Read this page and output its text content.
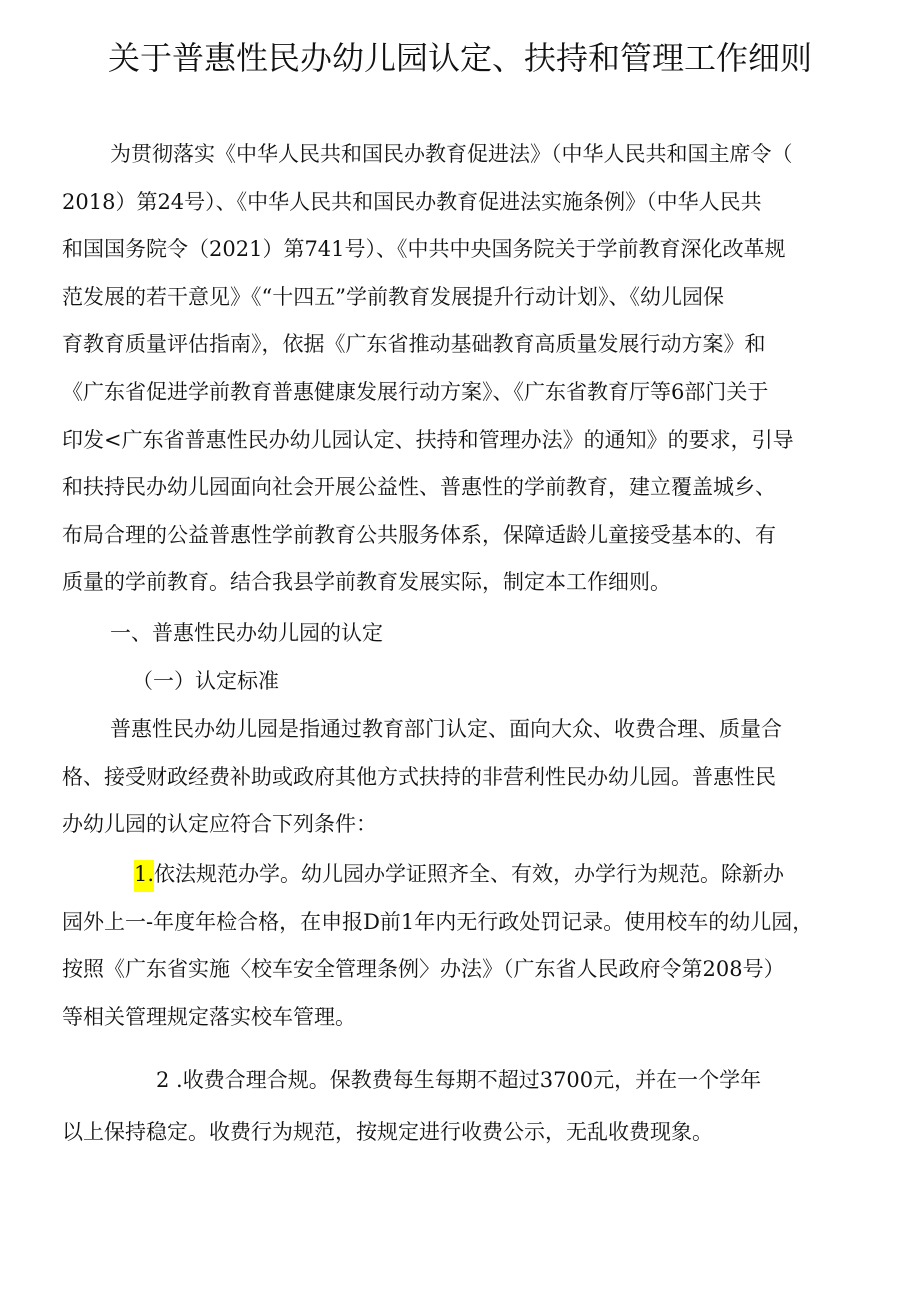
关于普惠性民办幼儿园认定、扶持和管理工作细则
为贯彻落实《中华人民共和国民办教育促进法》（中华人民共和国主席令（
2018）第24号）、《中华人民共和国民办教育促进法实施条例》（中华人民共
和国国务院令（2021）第741号）、《中共中央国务院关于学前教育深化改革规
范发展的若干意见》《“十四五”学前教育发展提升行动计划》、《幼儿园保
育教育质量评估指南》，依据《广东省推动基础教育高质量发展行动方案》和
《广东省促进学前教育普惠健康发展行动方案》、《广东省教育厅等6部门关于
印发<广东省普惠性民办幼儿园认定、扶持和管理办法》的通知》的要求，引导
和扶持民办幼儿园面向社会开展公益性、普惠性的学前教育，建立覆盖城乡、
布局合理的公益普惠性学前教育公共服务体系，保障适龄儿童接受基本的、有
质量的学前教育。结合我县学前教育发展实际，制定本工作细则。
一、普惠性民办幼儿园的认定
（一）认定标准
普惠性民办幼儿园是指通过教育部门认定、面向大众、收费合理、质量合
格、接受财政经费补助或政府其他方式扶持的非营利性民办幼儿园。普惠性民
办幼儿园的认定应符合下列条件：
1.依法规范办学。幼儿园办学证照齐全、有效，办学行为规范。除新办
园外上一-年度年检合格，在申报D前1年内无行政处罚记录。使用校车的幼儿园，
按照《广东省实施〈校车安全管理条例〉办法》（广东省人民政府令第208号）
等相关管理规定落实校车管理。
2 .收费合理合规。保教费每生每期不超过3700元，并在一个学年
以上保持稳定。收费行为规范，按规定进行收费公示，无乱收费现象。
